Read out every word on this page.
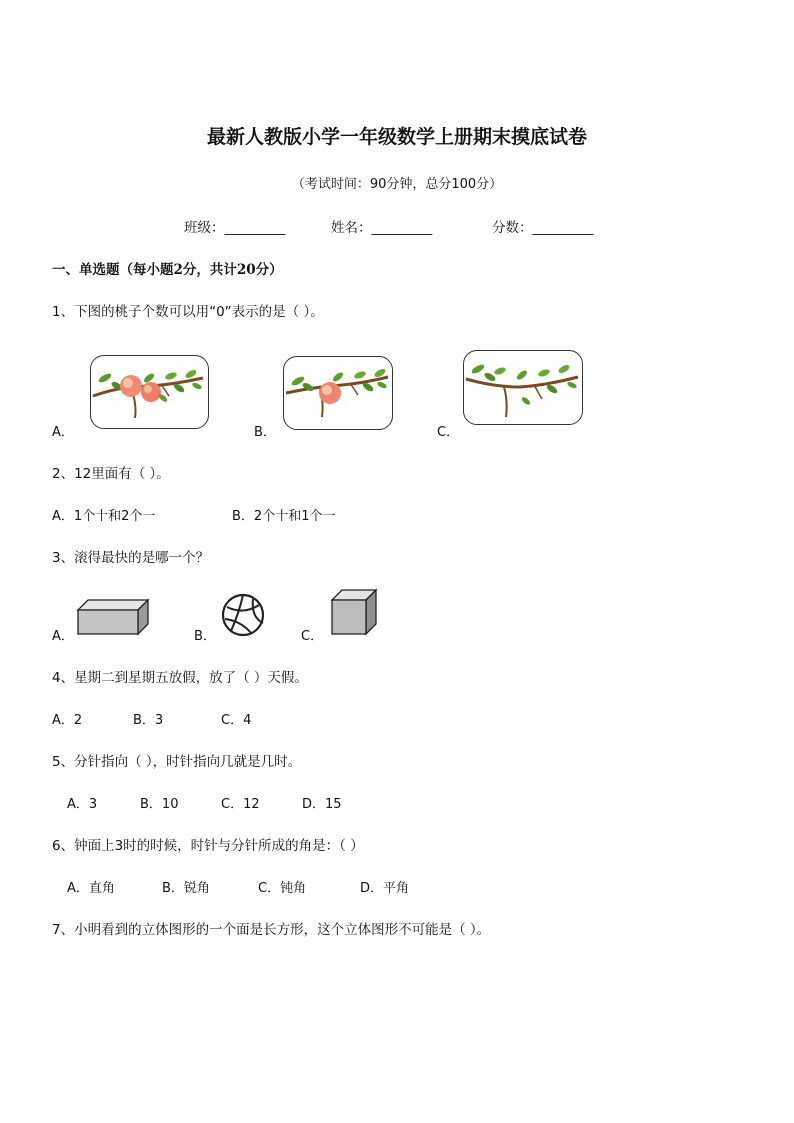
最新人教版小学一年级数学上册期末摸底试卷
（考试时间：90分钟，总分100分）
班级：_________	姓名：_________	分数：_________
一、单选题（每小题2分，共计20分）
1、下图的桃子个数可以用“0”表示的是（ ）。
A．	B．	C．
2、12里面有（ ）。
A．1个十和2个一	B．2个十和1个一
3、滚得最快的是哪一个？
A．	B．	C．
4、星期二到星期五放假，放了（ ）天假。
A．2	B．3	C．4
5、分针指向（ ），时针指向几就是几时。
A．3	B．10	C．12	D．15
6、钟面上3时的时候，时针与分针所成的角是：（ ）
A．直角	B．锐角	C．钝角	D．平角
7、小明看到的立体图形的一个面是长方形，这个立体图形不可能是（ ）。
